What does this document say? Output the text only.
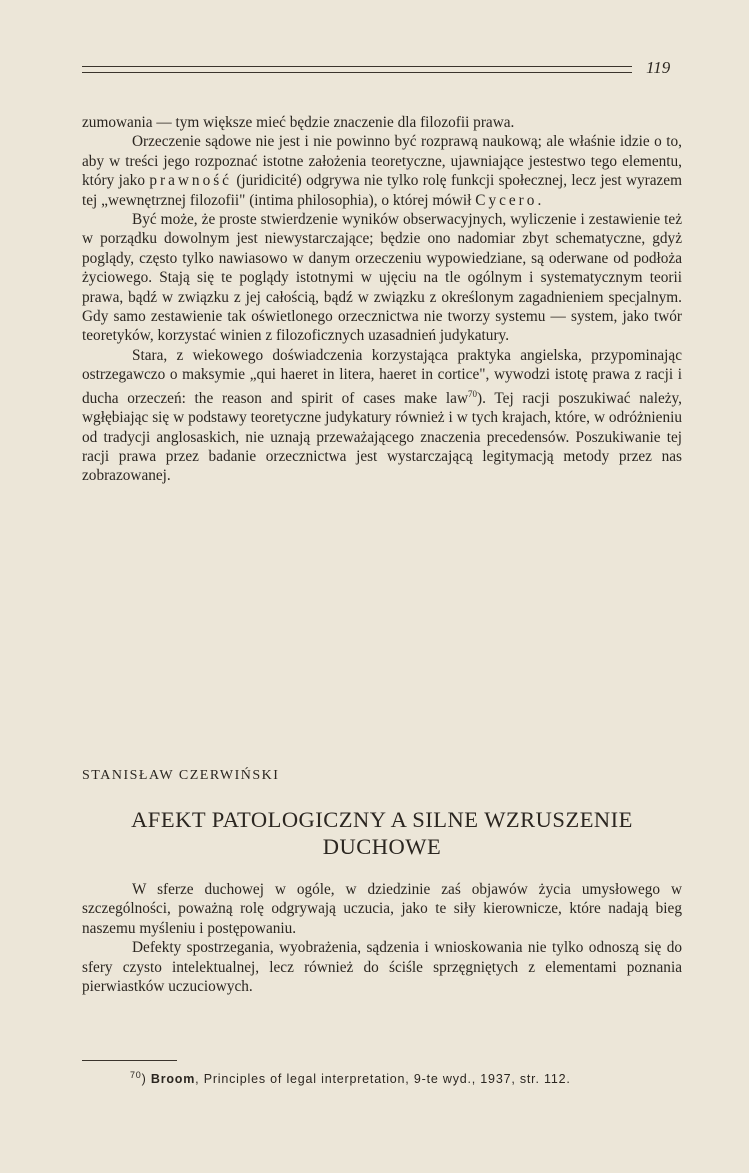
119

zumowania — tym większe mieć będzie znaczenie dla filozofii prawa.

Orzeczenie sądowe nie jest i nie powinno być rozprawą naukową; ale właśnie idzie o to, aby w treści jego rozpoznać istotne założenia teoretyczne, ujawniające jestestwo tego elementu, który jako prawność (juridicité) odgrywa nie tylko rolę funkcji społecznej, lecz jest wyrazem tej „wewnętrznej filozofii" (intima philosophia), o której mówił Cycero.

Być może, że proste stwierdzenie wyników obserwacyjnych, wyliczenie i zestawienie też w porządku dowolnym jest niewystarczające; będzie ono nadomiar zbyt schematyczne, gdyż poglądy, często tylko nawiasowo w danym orzeczeniu wypowiedziane, są oderwane od podłoża życiowego. Stają się te poglądy istotnymi w ujęciu na tle ogólnym i systematycznym teorii prawa, bądź w związku z jej całością, bądź w związku z określonym zagadnieniem specjalnym. Gdy samo zestawienie tak oświetlonego orzecznictwa nie tworzy systemu — system, jako twór teoretyków, korzystać winien z filozoficznych uzasadnień judykatury.

Stara, z wiekowego doświadczenia korzystająca praktyka angielska, przypominając ostrzegawczo o maksymie „qui haeret in litera, haeret in cortice", wywodzi istotę prawa z racji i ducha orzeczeń: the reason and spirit of cases make law$^{70}$). Tej racji poszukiwać należy, wgłębiając się w podstawy teoretyczne judykatury również i w tych krajach, które, w odróżnieniu od tradycji anglosaskich, nie uznają przeważającego znaczenia precedensów. Poszukiwanie tej racji prawa przez badanie orzecznictwa jest wystarczającą legitymacją metody przez nas zobrazowanej.

STANISŁAW CZERWIŃSKI
AFEKT PATOLOGICZNY A SILNE WZRUSZENIE DUCHOWE

W sferze duchowej w ogóle, w dziedzinie zaś objawów życia umysłowego w szczególności, poważną rolę odgrywają uczucia, jako te siły kierownicze, które nadają bieg naszemu myśleniu i postępowaniu.

Defekty spostrzegania, wyobrażenia, sądzenia i wnioskowania nie tylko odnoszą się do sfery czysto intelektualnej, lecz również do ściśle sprzęgniętych z elementami poznania pierwiastków uczuciowych.

$^{70}$) Broom, Principles of legal interpretation, 9-te wyd., 1937, str. 112.
